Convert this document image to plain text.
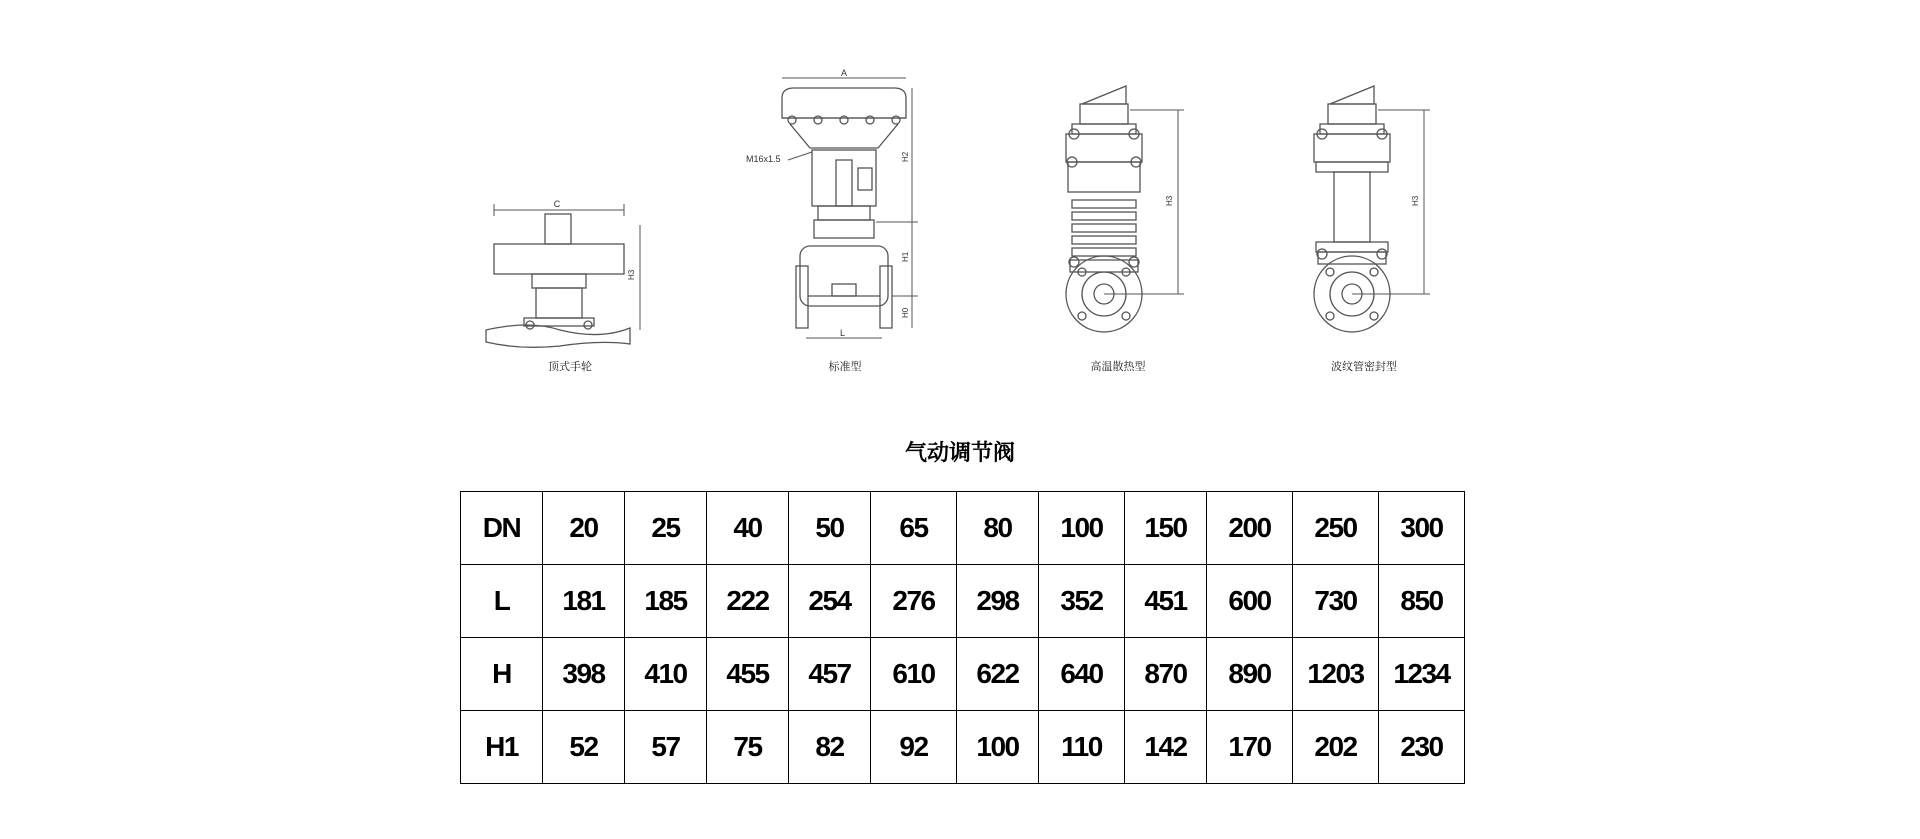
C
H3
A
M16x1.5
L
H2
H1
H0
H3	H3
顶式手轮	标准型	高温散热型	波纹管密封型
气动调节阀
DN	20	25	40	50	65	80	100	150	200	250	300
L	181	185	222	254	276	298	352	451	600	730	850
H	398	410	455	457	610	622	640	870	890	1203	1234
H1	52	57	75	82	92	100	110	142	170	202	230
